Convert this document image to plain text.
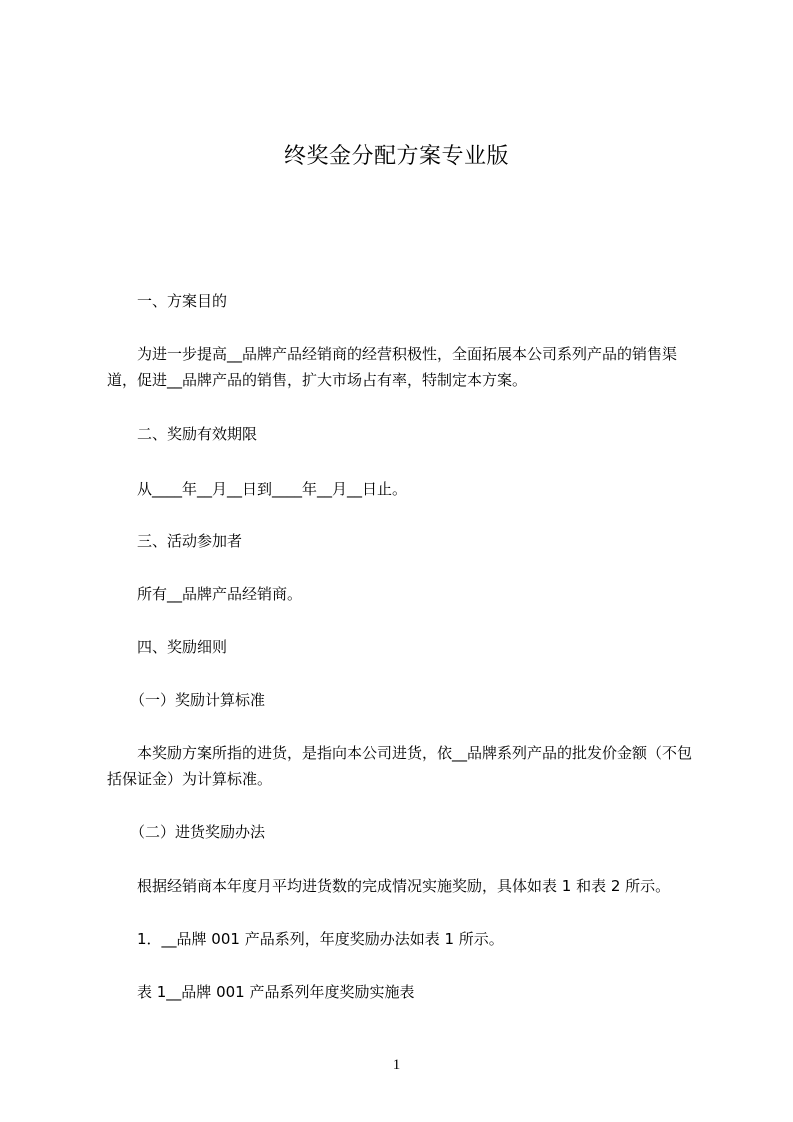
终奖金分配方案专业版
一、方案目的
为进一步提高__品牌产品经销商的经营积极性，全面拓展本公司系列产品的销售渠道，促进__品牌产品的销售，扩大市场占有率，特制定本方案。
二、奖励有效期限
从____年__月__日到____年__月__日止。
三、活动参加者
所有__品牌产品经销商。
四、奖励细则
（一）奖励计算标准
本奖励方案所指的进货，是指向本公司进货，依__品牌系列产品的批发价金额（不包括保证金）为计算标准。
（二）进货奖励办法
根据经销商本年度月平均进货数的完成情况实施奖励，具体如表 1 和表 2 所示。
1．__品牌 001 产品系列，年度奖励办法如表 1 所示。
表 1__品牌 001 产品系列年度奖励实施表
1
